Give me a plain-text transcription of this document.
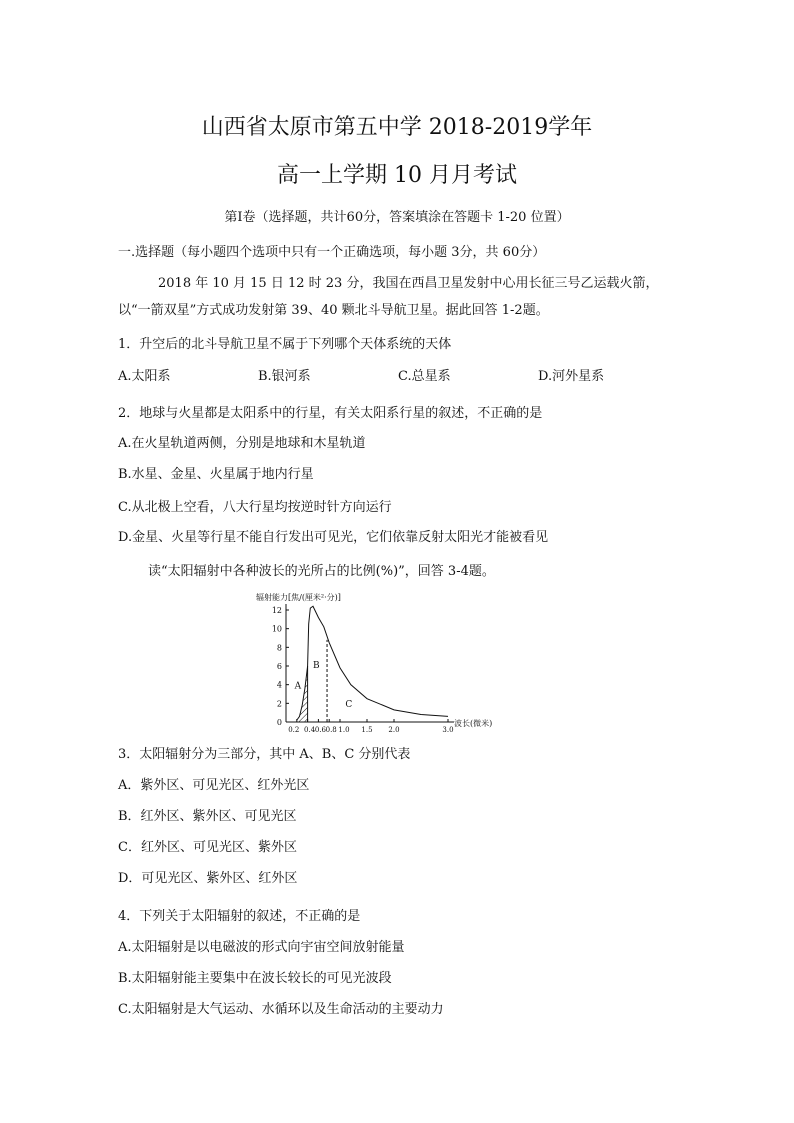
山西省太原市第五中学 2018-2019学年
高一上学期 10 月月考试
第Ⅰ卷（选择题，共计60分，答案填涂在答题卡 1-20 位置）
一.选择题（每小题四个选项中只有一个正确选项，每小题 3分，共 60分）
2018 年 10 月 15 日 12 时 23 分，我国在西昌卫星发射中心用长征三号乙运载火箭，
以“一箭双星”方式成功发射第 39、40 颗北斗导航卫星。据此回答 1-2题。
1．升空后的北斗导航卫星不属于下列哪个天体系统的天体
A.太阳系	B.银河系	C.总星系	D.河外星系
2．地球与火星都是太阳系中的行星，有关太阳系行星的叙述，不正确的是
A.在火星轨道两侧，分别是地球和木星轨道
B.水星、金星、火星属于地内行星
C.从北极上空看，八大行星均按逆时针方向运行
D.金星、火星等行星不能自行发出可见光，它们依靠反射太阳光才能被看见
读“太阳辐射中各种波长的光所占的比例(%)”，回答 3-4题。
0
2
4
6
8
10
12
0.2 0.4 0.6 0.8 1.0 1.5 2.0	3.0
辐射能力[焦/(厘米²·分)]
波长(微米)
A
B
C
3．太阳辐射分为三部分，其中 A、B、C 分别代表
A．紫外区、可见光区、红外光区
B．红外区、紫外区、可见光区
C．红外区、可见光区、紫外区
D．可见光区、紫外区、红外区
4．下列关于太阳辐射的叙述，不正确的是
A.太阳辐射是以电磁波的形式向宇宙空间放射能量
B.太阳辐射能主要集中在波长较长的可见光波段
C.太阳辐射是大气运动、水循环以及生命活动的主要动力
